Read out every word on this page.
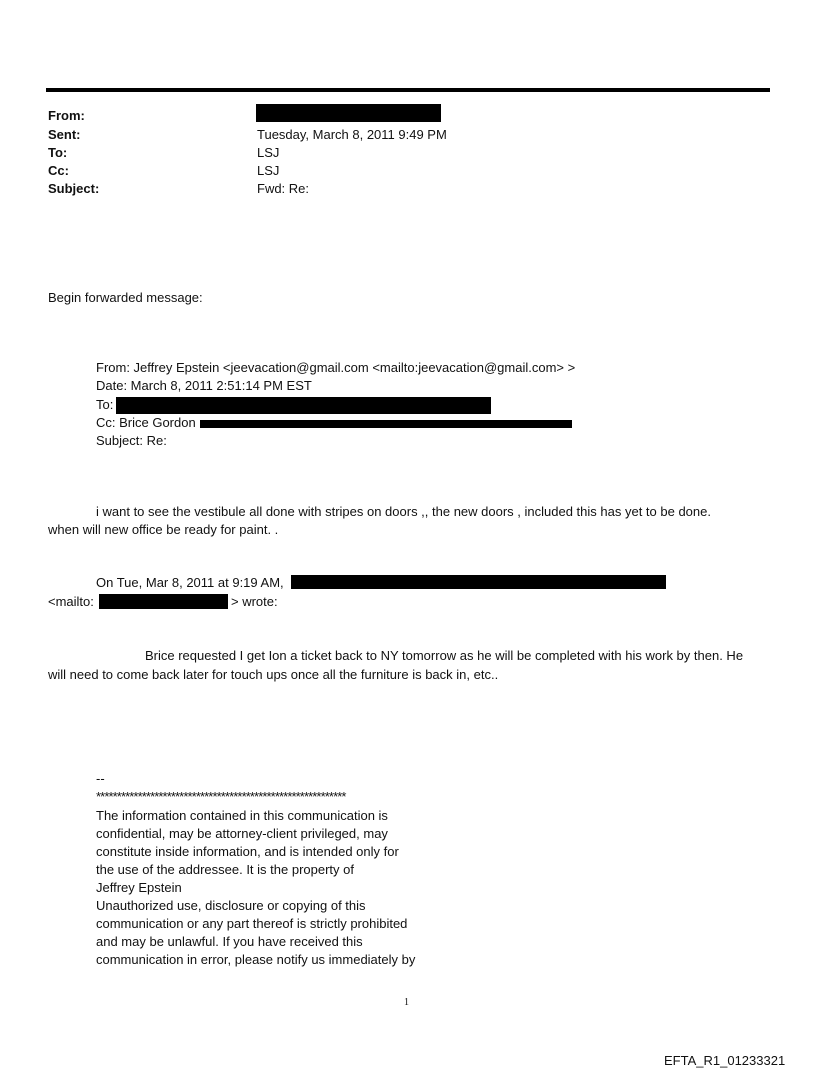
From:
Sent:
To:
Cc:
Subject:
Tuesday, March 8, 2011 9:49 PM
LSJ
LSJ
Fwd: Re:
Begin forwarded message:
From: Jeffrey Epstein <jeevacation@gmail.com <mailto:jeevacation@gmail.com> >
Date: March 8, 2011 2:51:14 PM EST
To:
Cc: Brice Gordon
Subject: Re:
i want to see the vestibule all done with stripes on doors ,, the new doors , included this has yet to be done.
when will new office be ready for paint. .
On Tue, Mar 8, 2011 at 9:19 AM,
<mailto:	> wrote:
Brice requested I get Ion a ticket back to NY tomorrow as he will be completed with his work by then. He
will need to come back later for touch ups once all the furniture is back in, etc..
--
************************************************************
The information contained in this communication is
confidential, may be attorney-client privileged, may
constitute inside information, and is intended only for
the use of the addressee. It is the property of
Jeffrey Epstein
Unauthorized use, disclosure or copying of this
communication or any part thereof is strictly prohibited
and may be unlawful. If you have received this
communication in error, please notify us immediately by
1
EFTA_R1_01233321
